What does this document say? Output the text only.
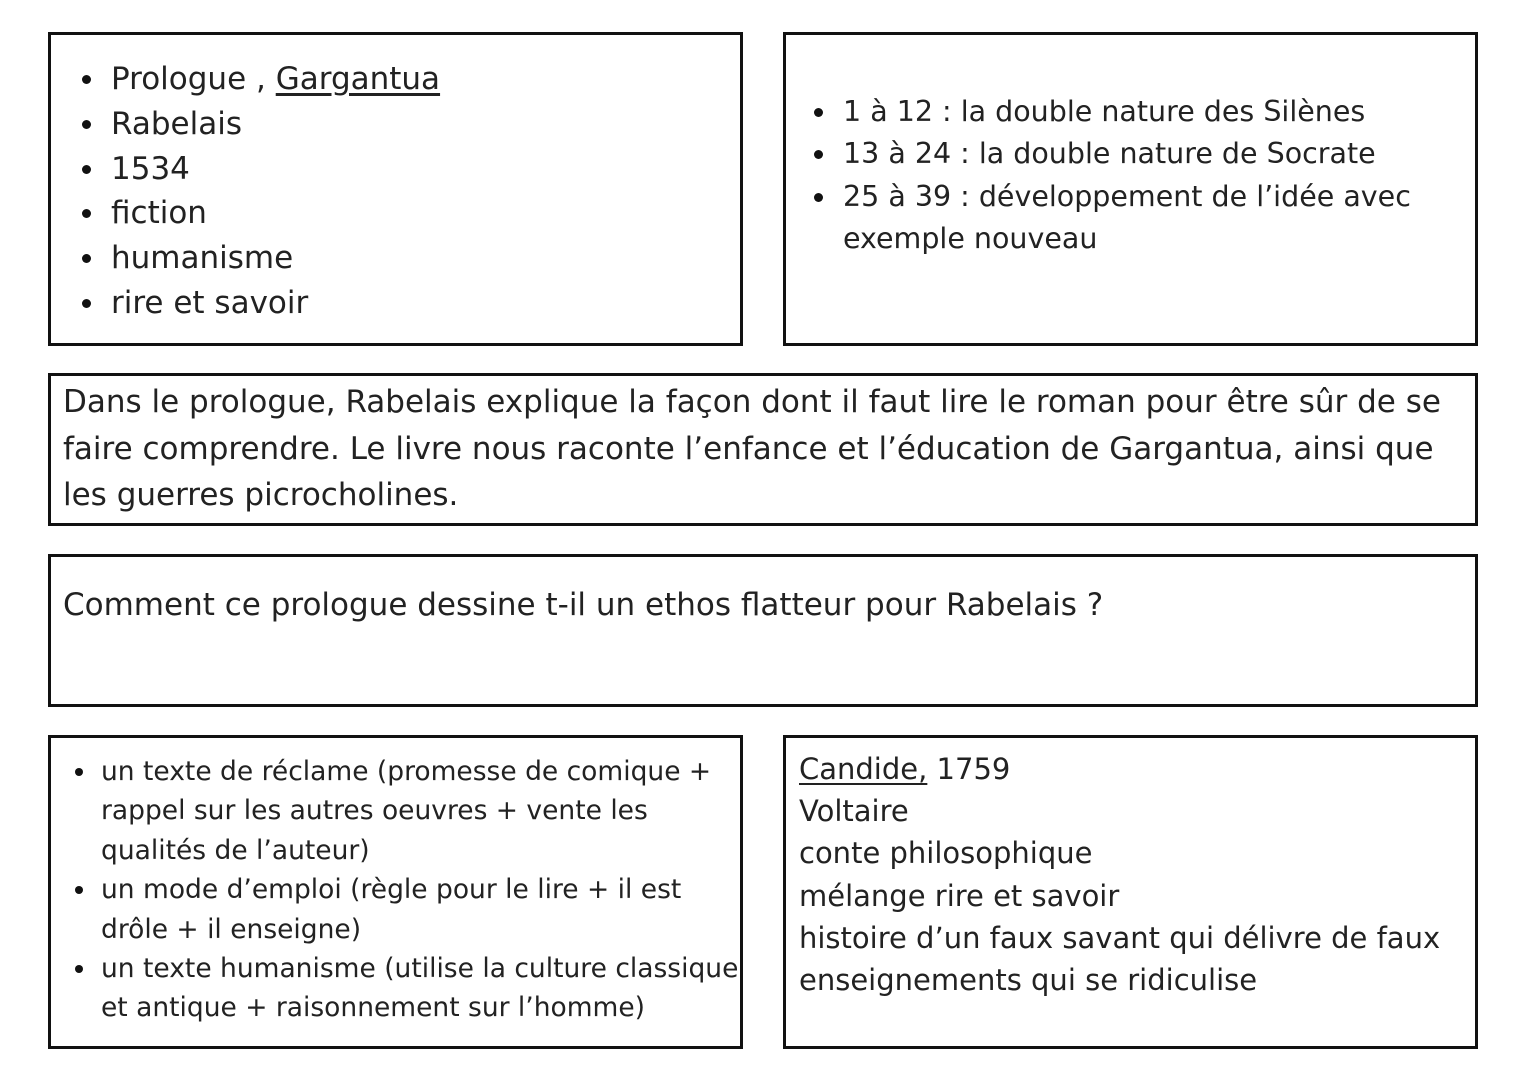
Prologue , Gargantua
Rabelais
1534
fiction
humanisme
rire et savoir
1 à 12 : la double nature des Silènes
13 à 24 : la double nature de Socrate
25 à 39 : développement de l’idée avec exemple nouveau

Dans le prologue, Rabelais explique la façon dont il faut lire le roman pour être sûr de se faire comprendre. Le livre nous raconte l’enfance et l’éducation de Gargantua, ainsi que les guerres picrocholines.

Comment ce prologue dessine t-il un ethos flatteur pour Rabelais ?

un texte de réclame (promesse de comique + rappel sur les autres oeuvres + vente les qualités de l’auteur)
un mode d’emploi (règle pour le lire + il est drôle + il enseigne)
un texte humanisme (utilise la culture classique et antique + raisonnement sur l’homme)
Candide, 1759
Voltaire
conte philosophique
mélange rire et savoir
histoire d’un faux savant qui délivre de faux enseignements qui se ridiculise
